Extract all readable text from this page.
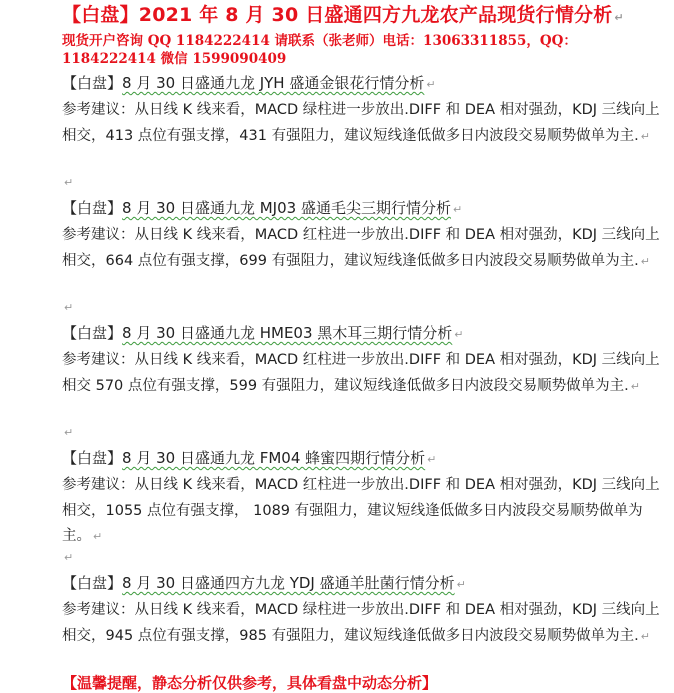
【白盘】2021 年 8 月 30 日盛通四方九龙农产品现货行情分析 ↵
现货开户咨询 QQ 1184222414 请联系（张老师）电话：13063311855，QQ：1184222414 微信 1599090409
【白盘】8 月 30 日盛通九龙 JYH 盛通金银花行情分析 ↵
参考建议：从日线 K 线来看，MACD 绿柱进一步放出.DIFF 和 DEA 相对强劲，KDJ 三线向上相交，413 点位有强支撑，431 有强阻力，建议短线逢低做多日内波段交易顺势做单为主. ↵
↵
【白盘】8 月 30 日盛通九龙 MJ03 盛通毛尖三期行情分析 ↵
参考建议：从日线 K 线来看，MACD 红柱进一步放出.DIFF 和 DEA 相对强劲，KDJ 三线向上相交，664 点位有强支撑，699 有强阻力，建议短线逢低做多日内波段交易顺势做单为主. ↵
↵
【白盘】8 月 30 日盛通九龙 HME03 黑木耳三期行情分析 ↵
参考建议：从日线 K 线来看，MACD 红柱进一步放出.DIFF 和 DEA 相对强劲，KDJ 三线向上相交 570 点位有强支撑，599 有强阻力，建议短线逢低做多日内波段交易顺势做单为主. ↵
↵
【白盘】8 月 30 日盛通九龙 FM04 蜂蜜四期行情分析 ↵
参考建议：从日线 K 线来看，MACD 红柱进一步放出.DIFF 和 DEA 相对强劲，KDJ 三线向上相交，1055 点位有强支撑， 1089 有强阻力，建议短线逢低做多日内波段交易顺势做单为主。 ↵
↵
【白盘】8 月 30 日盛通四方九龙 YDJ 盛通羊肚菌行情分析 ↵
参考建议：从日线 K 线来看，MACD 绿柱进一步放出.DIFF 和 DEA 相对强劲，KDJ 三线向上相交，945 点位有强支撑，985 有强阻力，建议短线逢低做多日内波段交易顺势做单为主. ↵
【温馨提醒，静态分析仅供参考，具体看盘中动态分析】
